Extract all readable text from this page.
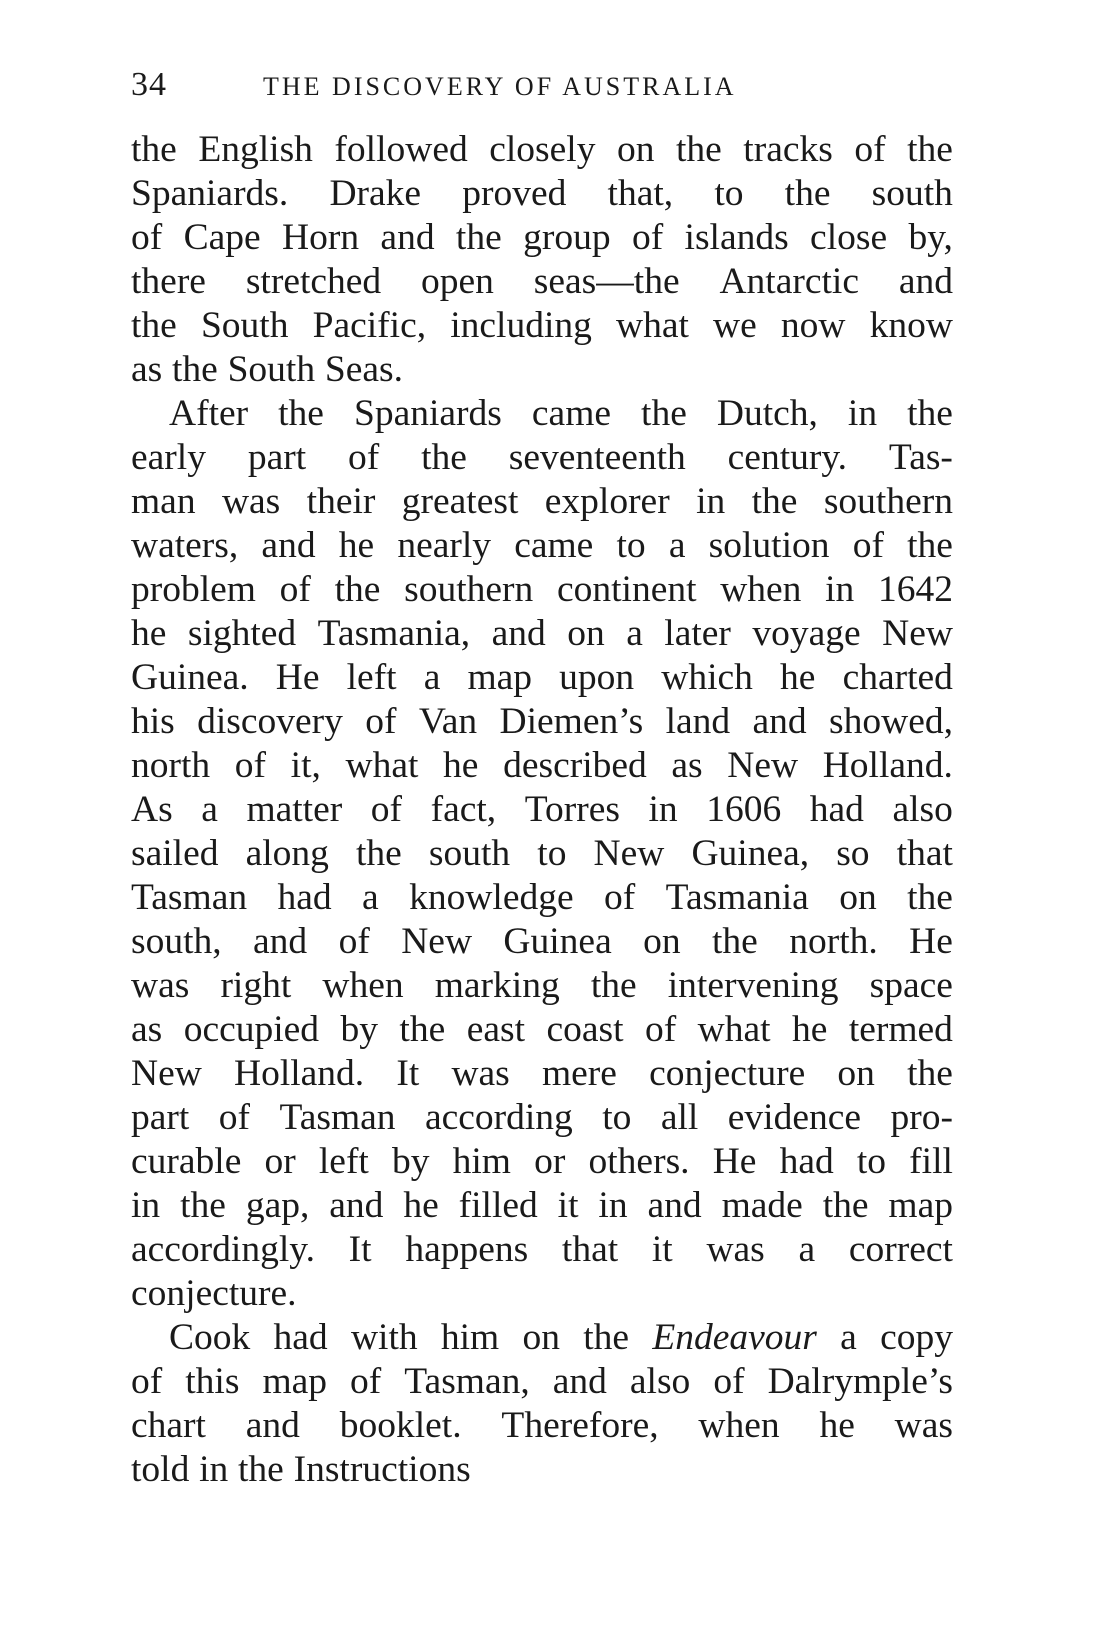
34	THE DISCOVERY OF AUSTRALIA
the English followed closely on the tracks of the
Spaniards. Drake proved that, to the south
of Cape Horn and the group of islands close by,
there stretched open seas—the Antarctic and
the South Pacific, including what we now know
as the South Seas.
After the Spaniards came the Dutch, in the
early part of the seventeenth century. Tas-
man was their greatest explorer in the southern
waters, and he nearly came to a solution of the
problem of the southern continent when in 1642
he sighted Tasmania, and on a later voyage New
Guinea. He left a map upon which he charted
his discovery of Van Diemen’s land and showed,
north of it, what he described as New Holland.
As a matter of fact, Torres in 1606 had also
sailed along the south to New Guinea, so that
Tasman had a knowledge of Tasmania on the
south, and of New Guinea on the north. He
was right when marking the intervening space
as occupied by the east coast of what he termed
New Holland. It was mere conjecture on the
part of Tasman according to all evidence pro-
curable or left by him or others. He had to fill
in the gap, and he filled it in and made the map
accordingly. It happens that it was a correct
conjecture.
Cook had with him on the Endeavour a copy
of this map of Tasman, and also of Dalrymple’s
chart and booklet. Therefore, when he was
told in the Instructions
